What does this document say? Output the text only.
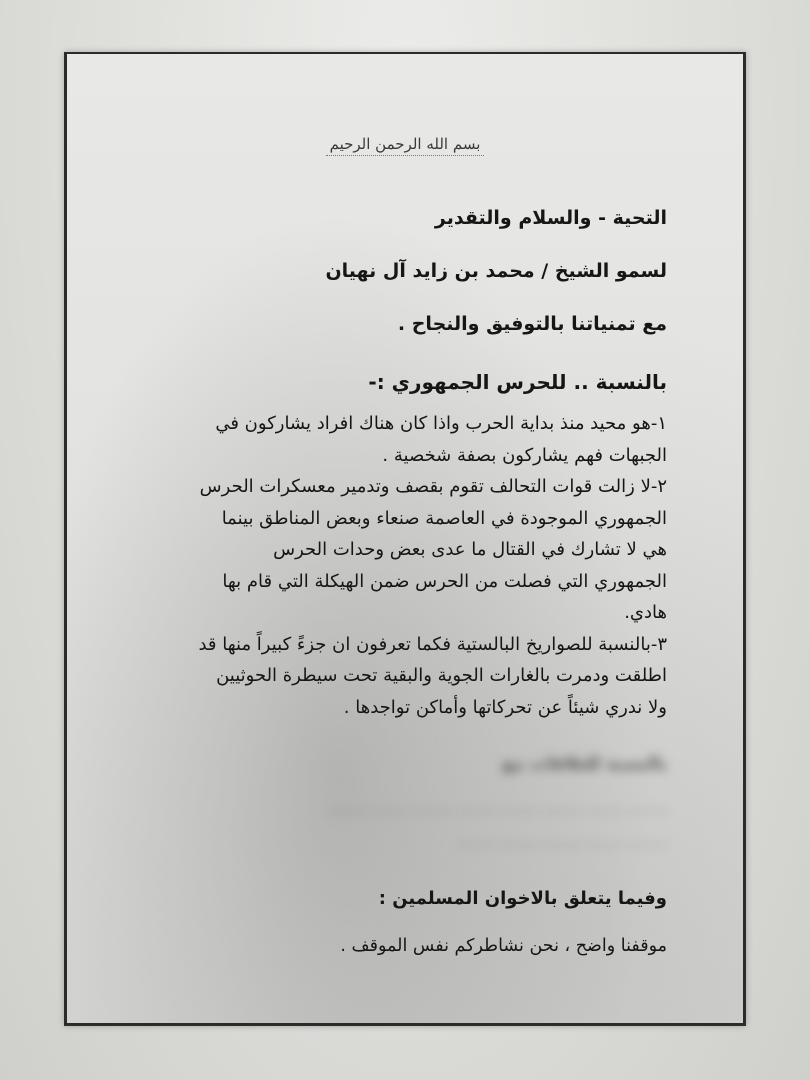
بسم الله الرحمن الرحيم
التحية - والسلام والتقدير
لسمو الشيخ / محمد بن زايد آل نهيان
مع تمنياتنا بالتوفيق والنجاح .
بالنسبة .. للحرس الجمهوري :-
١-هو محيد منذ بداية الحرب واذا كان هناك افراد يشاركون في
الجبهات فهم يشاركون بصفة شخصية .
٢-لا زالت قوات التحالف تقوم بقصف وتدمير معسكرات الحرس
الجمهوري الموجودة في العاصمة صنعاء وبعض المناطق بينما
هي لا تشارك في القتال ما عدى بعض وحدات الحرس
الجمهوري التي فصلت من الحرس ضمن الهيكلة التي قام بها
هادي.
٣-بالنسبة للصواريخ البالستية فكما تعرفون ان جزءً كبيراً منها قد
اطلقت ودمرت بالغارات الجوية والبقية تحت سيطرة الحوثيين
ولا ندري شيئاً عن تحركاتها وأماكن تواجدها .
بالنسبة للعلاقات مع
........ ........ ........ ........ ........ ........ ........ ........
........ ........ ........ ........ ........
وفيما يتعلق بالاخوان المسلمين :
موقفنا واضح ، نحن نشاطركم نفس الموقف .
